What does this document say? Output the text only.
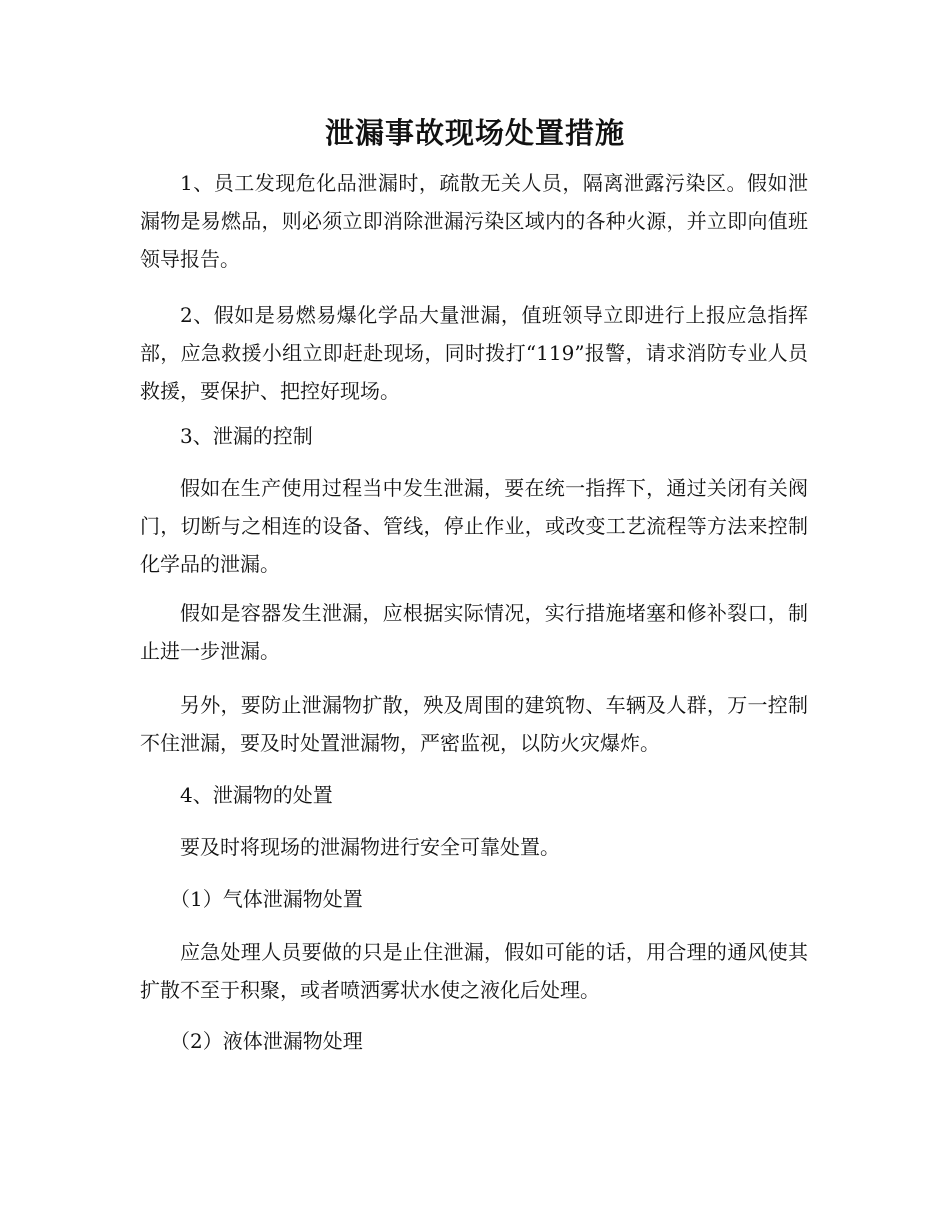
泄漏事故现场处置措施

1、员工发现危化品泄漏时，疏散无关人员，隔离泄露污染区。假如泄漏物是易燃品，则必须立即消除泄漏污染区域内的各种火源，并立即向值班领导报告。

2、假如是易燃易爆化学品大量泄漏，值班领导立即进行上报应急指挥部，应急救援小组立即赶赴现场，同时拨打“119”报警，请求消防专业人员救援，要保护、把控好现场。

3、泄漏的控制

假如在生产使用过程当中发生泄漏，要在统一指挥下，通过关闭有关阀门，切断与之相连的设备、管线，停止作业，或改变工艺流程等方法来控制化学品的泄漏。

假如是容器发生泄漏，应根据实际情况，实行措施堵塞和修补裂口，制止进一步泄漏。

另外，要防止泄漏物扩散，殃及周围的建筑物、车辆及人群，万一控制不住泄漏，要及时处置泄漏物，严密监视，以防火灾爆炸。

4、泄漏物的处置

要及时将现场的泄漏物进行安全可靠处置。

（1）气体泄漏物处置

应急处理人员要做的只是止住泄漏，假如可能的话，用合理的通风使其扩散不至于积聚，或者喷洒雾状水使之液化后处理。

（2）液体泄漏物处理
